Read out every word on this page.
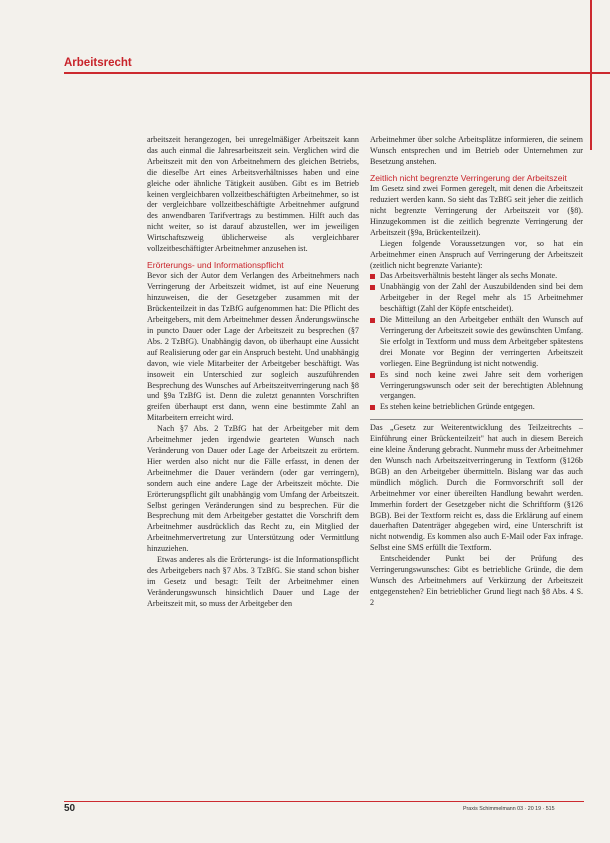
Arbeitsrecht

arbeitszeit herangezogen, bei unregelmäßiger Arbeitszeit kann das auch einmal die Jahresarbeitszeit sein. Verglichen wird die Arbeitszeit mit den von Arbeitnehmern des gleichen Betriebs, die dieselbe Art eines Arbeitsverhältnisses haben und eine gleiche oder ähnliche Tätigkeit ausüben. Gibt es im Betrieb keinen vergleichbaren vollzeitbeschäftigten Arbeitnehmer, so ist der vergleichbare vollzeitbeschäftigte Arbeitnehmer aufgrund des anwendbaren Tarifvertrags zu bestimmen. Hilft auch das nicht weiter, so ist darauf abzustellen, wer im jeweiligen Wirtschaftszweig üblicherweise als vergleichbarer vollzeitbeschäftigter Arbeitnehmer anzusehen ist.

Erörterungs- und Informationspflicht

Bevor sich der Autor dem Verlangen des Arbeitnehmers nach Verringerung der Arbeitszeit widmet, ist auf eine Neuerung hinzuweisen, die der Gesetzgeber zusammen mit der Brückenteilzeit in das TzBfG aufgenommen hat: Die Pflicht des Arbeitgebers, mit dem Arbeitnehmer dessen Änderungswünsche in puncto Dauer oder Lage der Arbeitszeit zu besprechen (§7 Abs. 2 TzBfG). Unabhängig davon, ob überhaupt eine Aussicht auf Realisierung oder gar ein Anspruch besteht. Und unabhängig davon, wie viele Mitarbeiter der Arbeitgeber beschäftigt. Was insoweit ein Unterschied zur sogleich auszuführenden Besprechung des Wunsches auf Arbeitszeitverringerung nach §8 und §9a TzBfG ist. Denn die zuletzt genannten Vorschriften greifen überhaupt erst dann, wenn eine bestimmte Zahl an Mitarbeitern erreicht wird.

Nach §7 Abs. 2 TzBfG hat der Arbeitgeber mit dem Arbeitnehmer jeden irgendwie gearteten Wunsch nach Veränderung von Dauer oder Lage der Arbeitszeit zu erörtern. Hier werden also nicht nur die Fälle erfasst, in denen der Arbeitnehmer die Dauer verändern (oder gar verringern), sondern auch eine andere Lage der Arbeitszeit möchte. Die Erörterungspflicht gilt unabhängig vom Umfang der Arbeitszeit. Selbst geringen Veränderungen sind zu besprechen. Für die Besprechung mit dem Arbeitgeber gestattet die Vorschrift dem Arbeitnehmer ausdrücklich das Recht zu, ein Mitglied der Arbeitnehmervertretung zur Unterstützung oder Vermittlung hinzuziehen.

Etwas anderes als die Erörterungs- ist die Informationspflicht des Arbeitgebers nach §7 Abs. 3 TzBfG. Sie stand schon bisher im Gesetz und besagt: Teilt der Arbeitnehmer einen Veränderungswunsch hinsichtlich Dauer und Lage der Arbeitszeit mit, so muss der Arbeitgeber den

Arbeitnehmer über solche Arbeitsplätze informieren, die seinem Wunsch entsprechen und im Betrieb oder Unternehmen zur Besetzung anstehen.

Zeitlich nicht begrenzte Verringerung der Arbeitszeit

Im Gesetz sind zwei Formen geregelt, mit denen die Arbeitszeit reduziert werden kann. So sieht das TzBfG seit jeher die zeitlich nicht begrenzte Verringerung der Arbeitszeit vor (§8). Hinzugekommen ist die zeitlich begrenzte Verringerung der Arbeitszeit (§9a, Brückenteilzeit).

Liegen folgende Voraussetzungen vor, so hat ein Arbeitnehmer einen Anspruch auf Verringerung der Arbeitszeit (zeitlich nicht begrenzte Variante):

Das Arbeitsverhältnis besteht länger als sechs Monate.
Unabhängig von der Zahl der Auszubildenden sind bei dem Arbeitgeber in der Regel mehr als 15 Arbeitnehmer beschäftigt (Zahl der Köpfe entscheidet).
Die Mitteilung an den Arbeitgeber enthält den Wunsch auf Verringerung der Arbeitszeit sowie des gewünschten Umfang. Sie erfolgt in Textform und muss dem Arbeitgeber spätestens drei Monate vor Beginn der verringerten Arbeitszeit vorliegen. Eine Begründung ist nicht notwendig.
Es sind noch keine zwei Jahre seit dem vorherigen Verringerungswunsch oder seit der berechtigten Ablehnung vergangen.
Es stehen keine betrieblichen Gründe entgegen.

Das „Gesetz zur Weiterentwicklung des Teilzeitrechts – Einführung einer Brückenteilzeit" hat auch in diesem Bereich eine kleine Änderung gebracht. Nunmehr muss der Arbeitnehmer den Wunsch nach Arbeitszeitverringerung in Textform (§126b BGB) an den Arbeitgeber übermitteln. Bislang war das auch mündlich möglich. Durch die Formvorschrift soll der Arbeitnehmer vor einer übereilten Handlung bewahrt werden. Immerhin fordert der Gesetzgeber nicht die Schriftform (§126 BGB). Bei der Textform reicht es, dass die Erklärung auf einem dauerhaften Datenträger abgegeben wird, eine Unterschrift ist nicht notwendig. Es kommen also auch E-Mail oder Fax infrage. Selbst eine SMS erfüllt die Textform.

Entscheidender Punkt bei der Prüfung des Verringerungswunsches: Gibt es betriebliche Gründe, die dem Wunsch des Arbeitnehmers auf Verkürzung der Arbeitszeit entgegenstehen? Ein betrieblicher Grund liegt nach §8 Abs. 4 S. 2

50	Praxis Schimmelmann 03 · 20 19 · 515
